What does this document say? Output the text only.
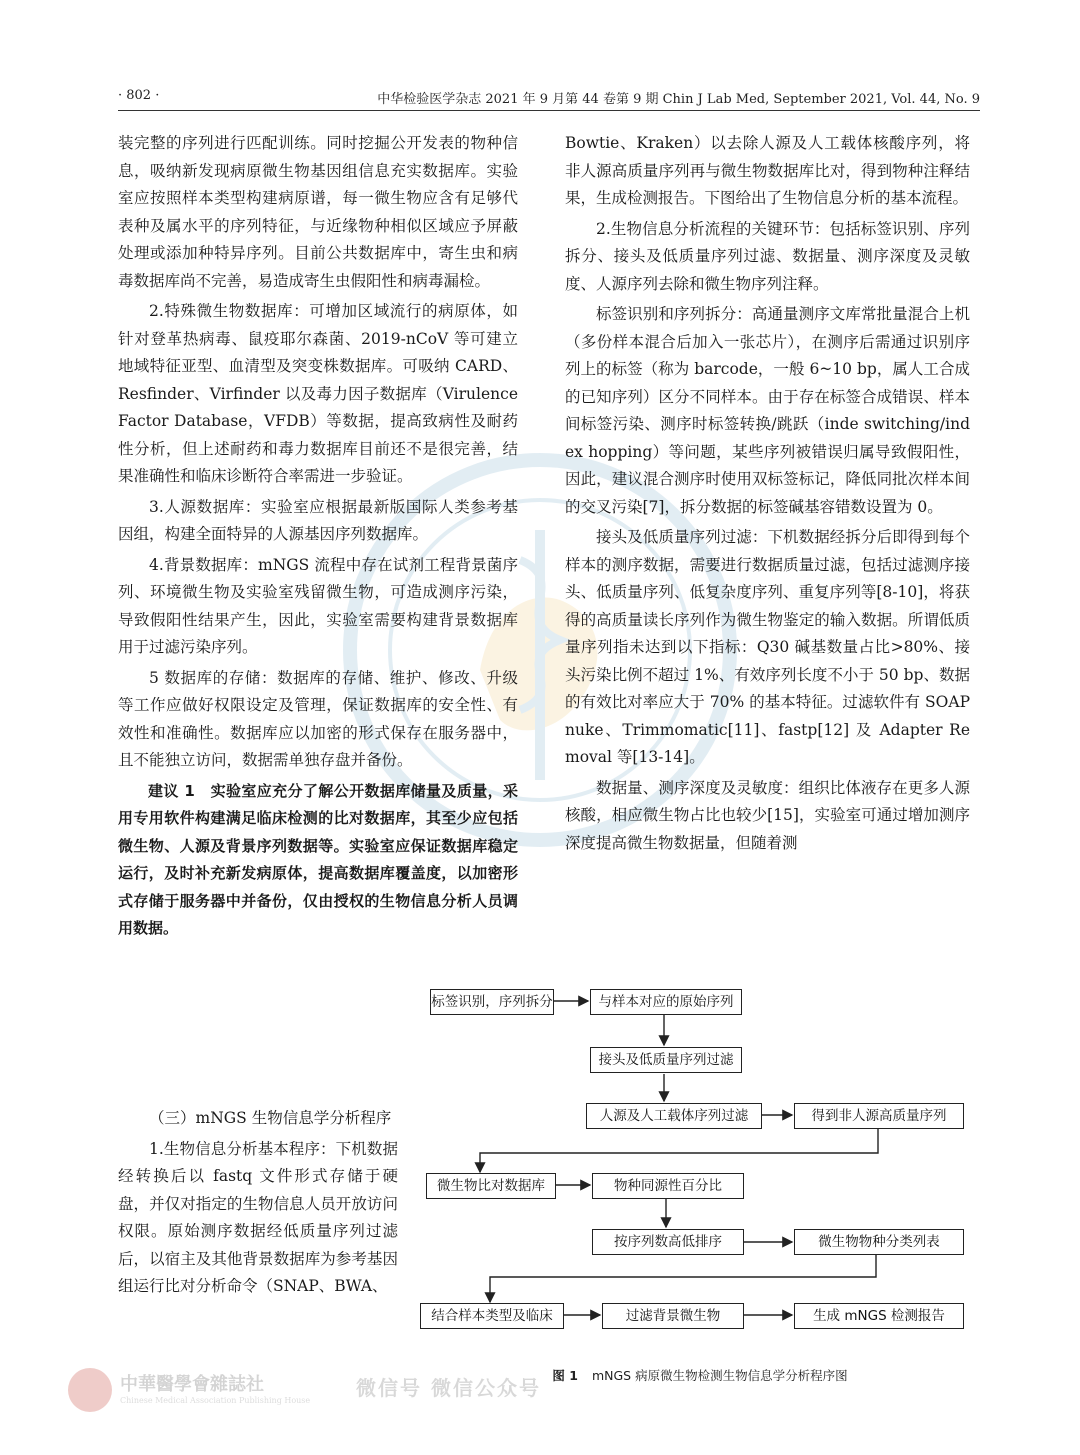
· 802 ·	中华检验医学杂志 2021 年 9 月第 44 卷第 9 期 Chin J Lab Med, September 2021, Vol. 44, No. 9

装完整的序列进行匹配训练。同时挖掘公开发表的物种信息，吸纳新发现病原微生物基因组信息充实数据库。实验室应按照样本类型构建病原谱，每一微生物应含有足够代表种及属水平的序列特征，与近缘物种相似区域应予屏蔽处理或添加种特异序列。目前公共数据库中，寄生虫和病毒数据库尚不完善，易造成寄生虫假阳性和病毒漏检。

2.特殊微生物数据库：可增加区域流行的病原体，如针对登革热病毒、鼠疫耶尔森菌、2019-nCoV 等可建立地域特征亚型、血清型及突变株数据库。可吸纳 CARD、Resfinder、Virfinder 以及毒力因子数据库（Virulence Factor Database，VFDB）等数据，提高致病性及耐药性分析，但上述耐药和毒力数据库目前还不是很完善，结果准确性和临床诊断符合率需进一步验证。

3.人源数据库：实验室应根据最新版国际人类参考基因组，构建全面特异的人源基因序列数据库。

4.背景数据库：mNGS 流程中存在试剂工程背景菌序列、环境微生物及实验室残留微生物，可造成测序污染，导致假阳性结果产生，因此，实验室需要构建背景数据库用于过滤污染序列。

5 数据库的存储：数据库的存储、维护、修改、升级等工作应做好权限设定及管理，保证数据库的安全性、有效性和准确性。数据库应以加密的形式保存在服务器中，且不能独立访问，数据需单独存盘并备份。

建议 1　实验室应充分了解公开数据库储量及质量，采用专用软件构建满足临床检测的比对数据库，其至少应包括微生物、人源及背景序列数据等。实验室应保证数据库稳定运行，及时补充新发病原体，提高数据库覆盖度，以加密形式存储于服务器中并备份，仅由授权的生物信息分析人员调用数据。

（三）mNGS 生物信息学分析程序

1.生物信息分析基本程序：下机数据经转换后以 fastq 文件形式存储于硬盘，并仅对指定的生物信息人员开放访问权限。原始测序数据经低质量序列过滤后，以宿主及其他背景数据库为参考基因组运行比对分析命令（SNAP、BWA、

Bowtie、Kraken）以去除人源及人工载体核酸序列，将非人源高质量序列再与微生物数据库比对，得到物种注释结果，生成检测报告。下图给出了生物信息分析的基本流程。

2.生物信息分析流程的关键环节：包括标签识别、序列拆分、接头及低质量序列过滤、数据量、测序深度及灵敏度、人源序列去除和微生物序列注释。

标签识别和序列拆分：高通量测序文库常批量混合上机（多份样本混合后加入一张芯片），在测序后需通过识别序列上的标签（称为 barcode，一般 6~10 bp，属人工合成的已知序列）区分不同样本。由于存在标签合成错误、样本间标签污染、测序时标签转换/跳跃（inde switching/index hopping）等问题，某些序列被错误归属导致假阳性，因此，建议混合测序时使用双标签标记，降低同批次样本间的交叉污染[7]，拆分数据的标签碱基容错数设置为 0。

接头及低质量序列过滤：下机数据经拆分后即得到每个样本的测序数据，需要进行数据质量过滤，包括过滤测序接头、低质量序列、低复杂度序列、重复序列等[8-10]，将获得的高质量读长序列作为微生物鉴定的输入数据。所谓低质量序列指未达到以下指标：Q30 碱基数量占比>80%、接头污染比例不超过 1%、有效序列长度不小于 50 bp、数据的有效比对率应大于 70% 的基本特征。过滤软件有 SOAPnuke、Trimmomatic[11]、fastp[12] 及 Adapter Removal 等[13-14]。

数据量、测序深度及灵敏度：组织比体液存在更多人源核酸，相应微生物占比也较少[15]，实验室可通过增加测序深度提高微生物数据量，但随着测

标签识别，序列拆分	与样本对应的原始序列
接头及低质量序列过滤
人源及人工载体序列过滤	得到非人源高质量序列
微生物比对数据库	物种同源性百分比
按序列数高低排序	微生物物种分类列表
结合样本类型及临床	过滤背景微生物	生成 mNGS 检测报告
图 1 mNGS 病原微生物检测生物信息学分析程序图
中華醫學會雜誌社
Chinese Medical Association Publishing House
微信号 微信公众号
